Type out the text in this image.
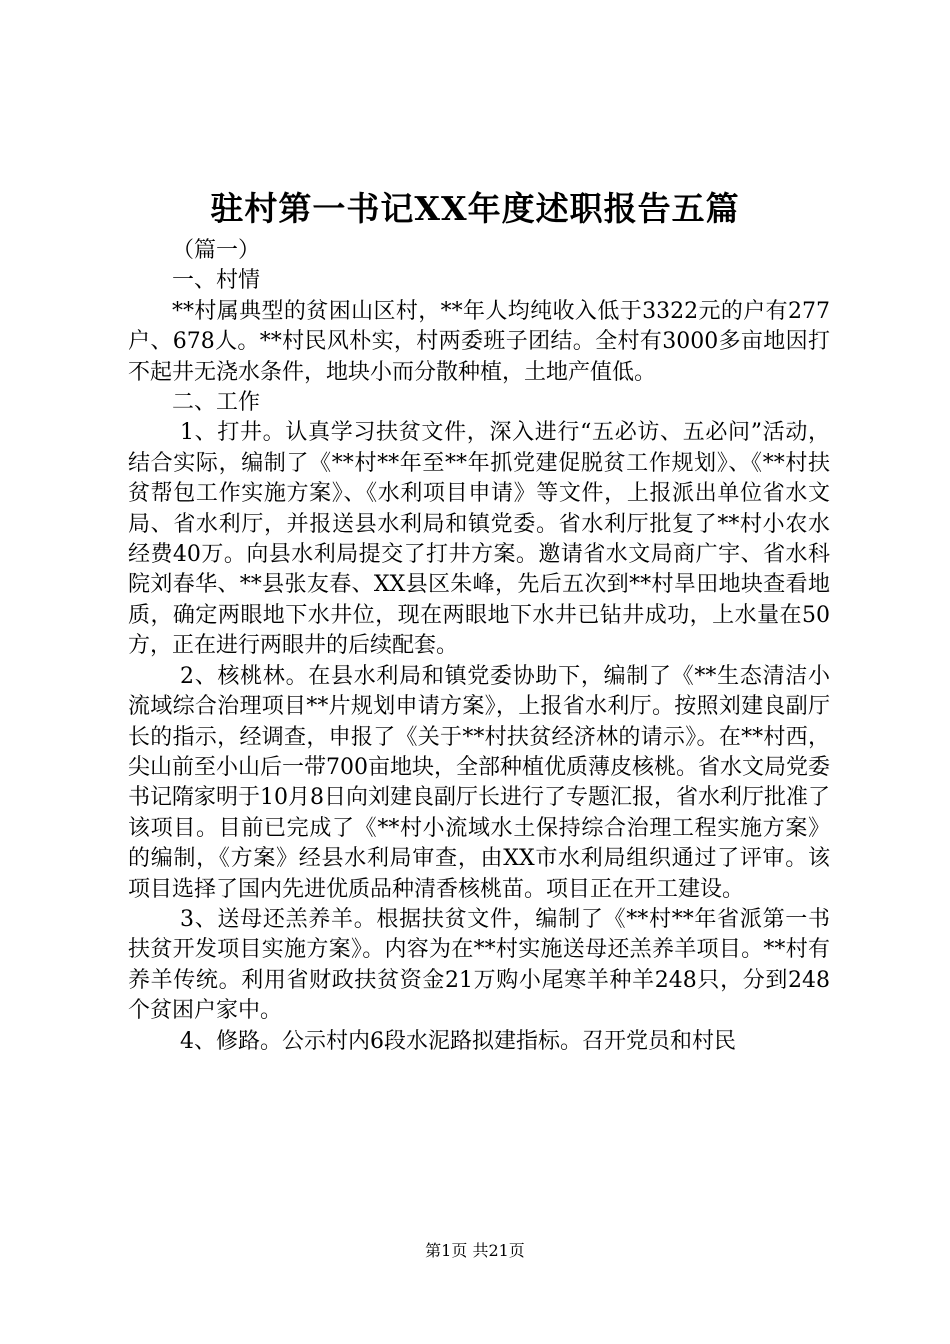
驻村第一书记XX年度述职报告五篇

（篇一）

一、村情

**村属典型的贫困山区村，**年人均纯收入低于3322元的户有277户、678人。**村民风朴实，村两委班子团结。全村有3000多亩地因打不起井无浇水条件，地块小而分散种植，土地产值低。

二、工作

1、打井。认真学习扶贫文件，深入进行“五必访、五必问”活动，结合实际，编制了《**村**年至**年抓党建促脱贫工作规划》、《**村扶贫帮包工作实施方案》、《水利项目申请》等文件，上报派出单位省水文局、省水利厅，并报送县水利局和镇党委。省水利厅批复了**村小农水经费40万。向县水利局提交了打井方案。邀请省水文局商广宇、省水科院刘春华、**县张友春、XX县区朱峰，先后五次到**村旱田地块查看地质，确定两眼地下水井位，现在两眼地下水井已钻井成功，上水量在50方，正在进行两眼井的后续配套。

2、核桃林。在县水利局和镇党委协助下，编制了《**生态清洁小流域综合治理项目**片规划申请方案》，上报省水利厅。按照刘建良副厅长的指示，经调查，申报了《关于**村扶贫经济林的请示》。在**村西，尖山前至小山后一带700亩地块，全部种植优质薄皮核桃。省水文局党委书记隋家明于10月8日向刘建良副厅长进行了专题汇报，省水利厅批准了该项目。目前已完成了《**村小流域水土保持综合治理工程实施方案》的编制，《方案》经县水利局审查，由XX市水利局组织通过了评审。该项目选择了国内先进优质品种清香核桃苗。项目正在开工建设。

3、送母还羔养羊。根据扶贫文件，编制了《**村**年省派第一书扶贫开发项目实施方案》。内容为在**村实施送母还羔养羊项目。**村有养羊传统。利用省财政扶贫资金21万购小尾寒羊种羊248只，分到248个贫困户家中。

4、修路。公示村内6段水泥路拟建指标。召开党员和村民

第1页 共21页
